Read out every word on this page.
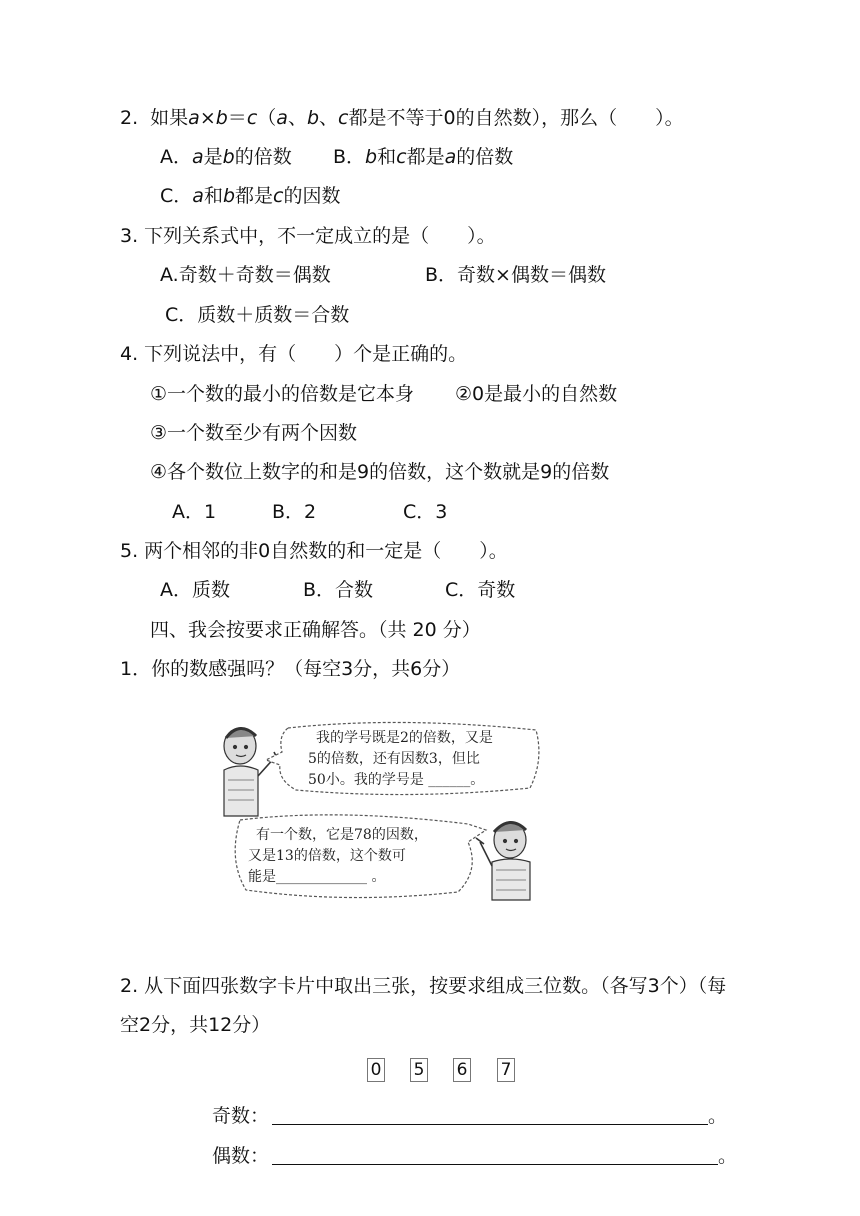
2. 如果a×b＝c（a、b、c都是不等于0的自然数），那么（　　）。
A．a是b的倍数 B．b和c都是a的倍数
C．a和b都是c的因数
3. 下列关系式中，不一定成立的是（　　）。
A.奇数＋奇数＝偶数	B．奇数×偶数＝偶数
C．质数＋质数＝合数
4. 下列说法中，有（　　）个是正确的。
①一个数的最小的倍数是它本身 ②0是最小的自然数
③一个数至少有两个因数
④各个数位上数字的和是9的倍数，这个数就是9的倍数
A．1	B．2	C．3
5. 两个相邻的非0自然数的和一定是（　　）。
A．质数	B．合数	C．奇数
四、我会按要求正确解答。（共 20 分）
1．你的数感强吗？（每空3分，共6分）
我的学号既是2的倍数，又是
5的倍数，还有因数3，但比
50小。我的学号是 ______。
有一个数，它是78的因数，
又是13的倍数，这个数可
能是_____________ 。
2. 从下面四张数字卡片中取出三张，按要求组成三位数。（各写3个）（每
空2分，共12分）
0 5 6 7
奇数：	。
偶数：	。
